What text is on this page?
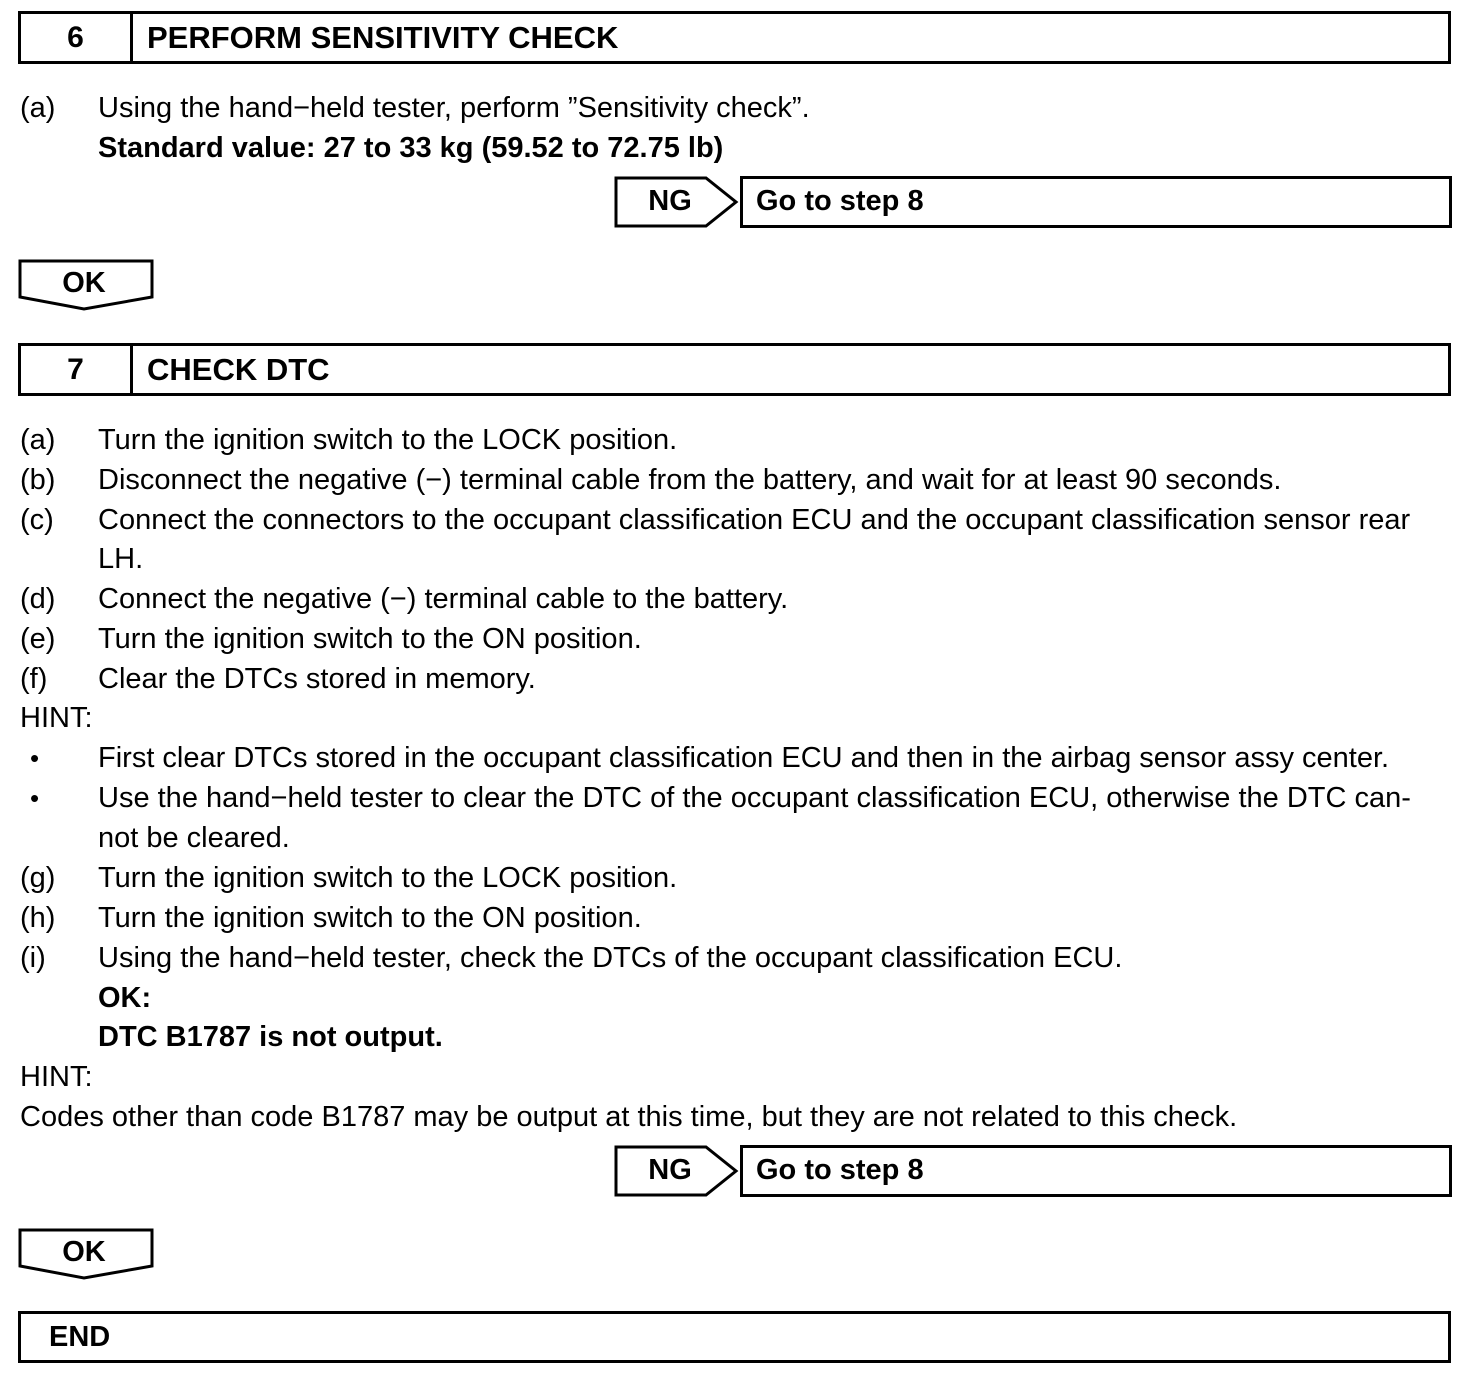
6	PERFORM SENSITIVITY CHECK
(a) Using the hand−held tester, perform ”Sensitivity check”.
Standard value: 27 to 33 kg (59.52 to 72.75 lb)
NG	Go to step 8
OK
7	CHECK DTC
(a) Turn the ignition switch to the LOCK position.
(b) Disconnect the negative (−) terminal cable from the battery, and wait for at least 90 seconds.
(c) Connect the connectors to the occupant classification ECU and the occupant classification sensor rear
LH.
(d) Connect the negative (−) terminal cable to the battery.
(e) Turn the ignition switch to the ON position.
(f) Clear the DTCs stored in memory.
HINT:
• First clear DTCs stored in the occupant classification ECU and then in the airbag sensor assy center.
• Use the hand−held tester to clear the DTC of the occupant classification ECU, otherwise the DTC can-
not be cleared.
(g) Turn the ignition switch to the LOCK position.
(h) Turn the ignition switch to the ON position.
(i) Using the hand−held tester, check the DTCs of the occupant classification ECU.
OK:
DTC B1787 is not output.
HINT:
Codes other than code B1787 may be output at this time, but they are not related to this check.
NG	Go to step 8
OK
END
